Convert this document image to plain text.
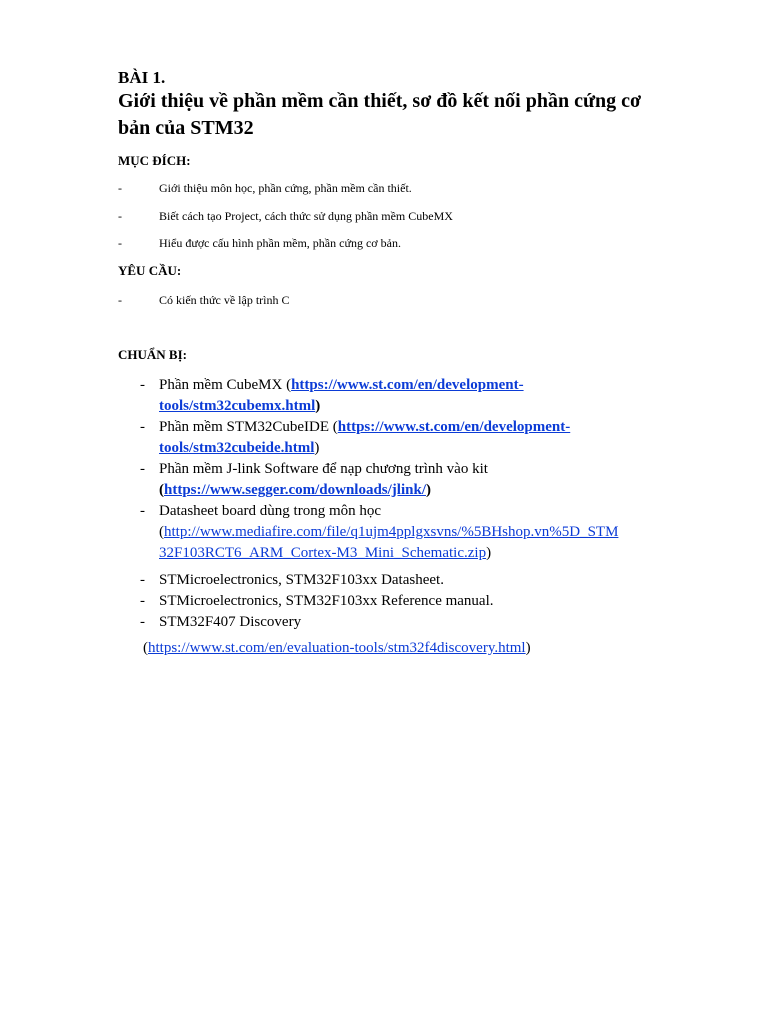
BÀI 1.

Giới thiệu về phần mềm cần thiết, sơ đồ kết nối phần cứng cơ bản của STM32

MỤC ĐÍCH:

-	Giới thiệu môn học, phần cứng, phần mềm cần thiết.
-	Biết cách tạo Project, cách thức sử dụng phần mềm CubeMX
-	Hiểu được cấu hình phần mềm, phần cứng cơ bản.

YÊU CẦU:

-	Có kiến thức về lập trình C

CHUẨN BỊ:

- Phần mềm CubeMX (https://www.st.com/en/development-
tools/stm32cubemx.html)
- Phần mềm STM32CubeIDE (https://www.st.com/en/development-
tools/stm32cubeide.html)
- Phần mềm J-link Software để nạp chương trình vào kit
(https://www.segger.com/downloads/jlink/)
- Datasheet board dùng trong môn học
(http://www.mediafire.com/file/q1ujm4pplgxsvns/%5BHshop.vn%5D_STM
32F103RCT6_ARM_Cortex-M3_Mini_Schematic.zip)
- STMicroelectronics, STM32F103xx Datasheet.
- STMicroelectronics, STM32F103xx Reference manual.
- STM32F407 Discovery
(https://www.st.com/en/evaluation-tools/stm32f4discovery.html)
